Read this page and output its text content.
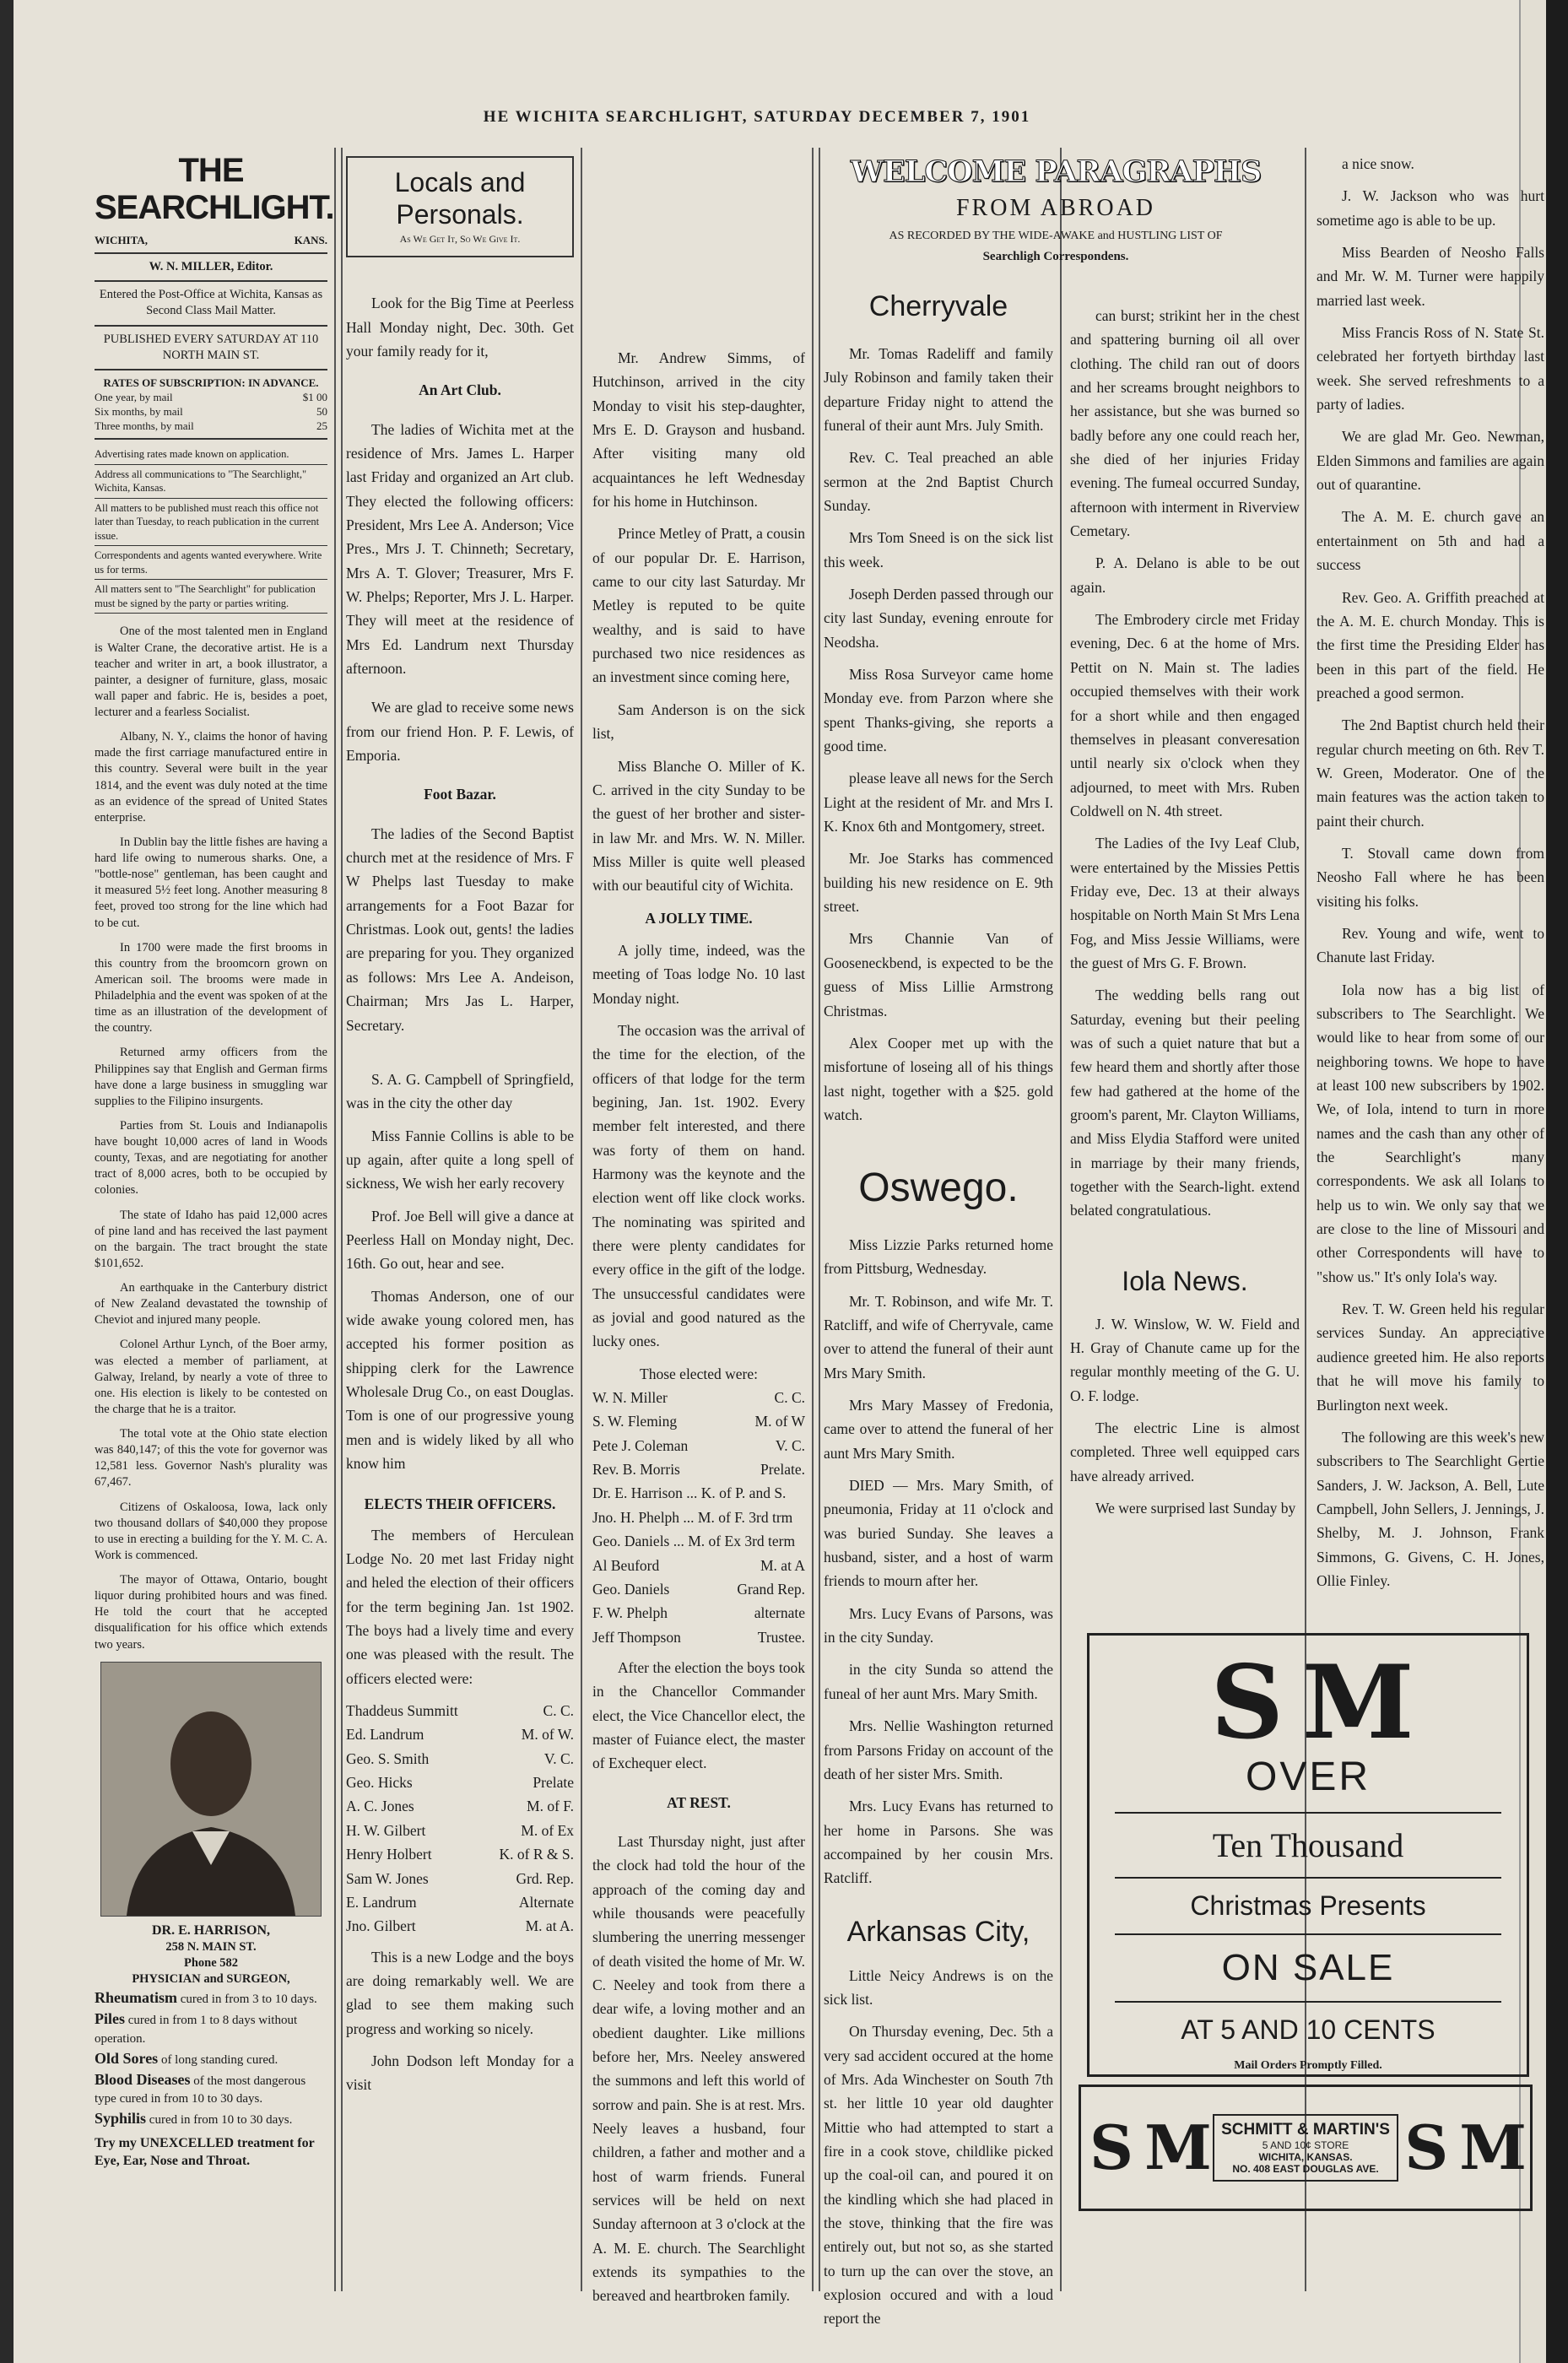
HE WICHITA SEARCHLIGHT, SATURDAY DECEMBER 7, 1901
THE SEARCHLIGHT.
WICHITA,	KANS.
W. N. MILLER, Editor.
Entered the Post-Office at Wichita, Kansas as Second Class Mail Matter.
PUBLISHED EVERY SATURDAY AT 110 NORTH MAIN ST.
RATES OF SUBSCRIPTION: IN ADVANCE.
One year, by mail	$1 00
Six months, by mail	50
Three months, by mail	25
Advertising rates made known on application.
Address all communications to "The Searchlight," Wichita, Kansas.
All matters to be published must reach this office not later than Tuesday, to reach publication in the current issue.
Correspondents and agents wanted everywhere. Write us for terms.
All matters sent to "The Searchlight" for publication must be signed by the party or parties writing.

One of the most talented men in England is Walter Crane, the decorative artist. He is a teacher and writer in art, a book illustrator, a painter, a designer of furniture, glass, mosaic wall paper and fabric. He is, besides a poet, lecturer and a fearless Socialist.

Albany, N. Y., claims the honor of having made the first carriage manufactured entire in this country. Several were built in the year 1814, and the event was duly noted at the time as an evidence of the spread of United States enterprise.

In Dublin bay the little fishes are having a hard life owing to numerous sharks. One, a "bottle-nose" gentleman, has been caught and it measured 5½ feet long. Another measuring 8 feet, proved too strong for the line which had to be cut.

In 1700 were made the first brooms in this country from the broomcorn grown on American soil. The brooms were made in Philadelphia and the event was spoken of at the time as an illustration of the development of the country.

Returned army officers from the Philippines say that English and German firms have done a large business in smuggling war supplies to the Filipino insurgents.

Parties from St. Louis and Indianapolis have bought 10,000 acres of land in Woods county, Texas, and are negotiating for another tract of 8,000 acres, both to be occupied by colonies.

The state of Idaho has paid 12,000 acres of pine land and has received the last payment on the bargain. The tract brought the state $101,652.

An earthquake in the Canterbury district of New Zealand devastated the township of Cheviot and injured many people.

Colonel Arthur Lynch, of the Boer army, was elected a member of parliament, at Galway, Ireland, by nearly a vote of three to one. His election is likely to be contested on the charge that he is a traitor.

The total vote at the Ohio state election was 840,147; of this the vote for governor was 12,581 less. Governor Nash's plurality was 67,467.

Citizens of Oskaloosa, Iowa, lack only two thousand dollars of $40,000 they propose to use in erecting a building for the Y. M. C. A. Work is commenced.

The mayor of Ottawa, Ontario, bought liquor during prohibited hours and was fined. He told the court that he accepted disqualification for his office which extends two years.

DR. E. HARRISON,
258 N. MAIN ST.
Phone 582
PHYSICIAN and SURGEON,
Rheumatism cured in from 3 to 10 days.
Piles cured in from 1 to 8 days without operation.
Old Sores of long standing cured.
Blood Diseases of the most dangerous type cured in from 10 to 30 days.
Syphilis cured in from 10 to 30 days.
Try my UNEXCELLED treatment for Eye, Ear, Nose and Throat.
Locals and Personals.
As We Get It, So We Give It.

Look for the Big Time at Peerless Hall Monday night, Dec. 30th. Get your family ready for it,

An Art Club.

The ladies of Wichita met at the residence of Mrs. James L. Harper last Friday and organized an Art club. They elected the following officers: President, Mrs Lee A. Anderson; Vice Pres., Mrs J. T. Chinneth; Secretary, Mrs A. T. Glover; Treasurer, Mrs F. W. Phelps; Reporter, Mrs J. L. Harper. They will meet at the residence of Mrs Ed. Landrum next Thursday afternoon.

We are glad to receive some news from our friend Hon. P. F. Lewis, of Emporia.

Foot Bazar.

The ladies of the Second Baptist church met at the residence of Mrs. F W Phelps last Tuesday to make arrangements for a Foot Bazar for Christmas. Look out, gents! the ladies are preparing for you. They organized as follows: Mrs Lee A. Andeison, Chairman; Mrs Jas L. Harper, Secretary.

S. A. G. Campbell of Springfield, was in the city the other day

Miss Fannie Collins is able to be up again, after quite a long spell of sickness, We wish her early recovery

Prof. Joe Bell will give a dance at Peerless Hall on Monday night, Dec. 16th. Go out, hear and see.

Thomas Anderson, one of our wide awake young colored men, has accepted his former position as shipping clerk for the Lawrence Wholesale Drug Co., on east Douglas. Tom is one of our progressive young men and is widely liked by all who know him

ELECTS THEIR OFFICERS.

The members of Herculean Lodge No. 20 met last Friday night and heled the election of their officers for the term begining Jan. 1st 1902. The boys had a lively time and every one was pleased with the result. The officers elected were:

Thaddeus Summitt	C. C.
Ed. Landrum	M. of W.
Geo. S. Smith	V. C.
Geo. Hicks	Prelate
A. C. Jones	M. of F.
H. W. Gilbert	M. of Ex
Henry Holbert	K. of R & S.
Sam W. Jones	Grd. Rep.
E. Landrum	Alternate
Jno. Gilbert	M. at A.

This is a new Lodge and the boys are doing remarkably well. We are glad to see them making such progress and working so nicely.

John Dodson left Monday for a visit

Mr. Andrew Simms, of Hutchinson, arrived in the city Monday to visit his step-daughter, Mrs E. D. Grayson and husband. After visiting many old acquaintances he left Wednesday for his home in Hutchinson.

Prince Metley of Pratt, a cousin of our popular Dr. E. Harrison, came to our city last Saturday. Mr Metley is reputed to be quite wealthy, and is said to have purchased two nice residences as an investment since coming here,

Sam Anderson is on the sick list,

Miss Blanche O. Miller of K. C. arrived in the city Sunday to be the guest of her brother and sister-in law Mr. and Mrs. W. N. Miller. Miss Miller is quite well pleased with our beautiful city of Wichita.

A JOLLY TIME.

A jolly time, indeed, was the meeting of Toas lodge No. 10 last Monday night.

The occasion was the arrival of the time for the election, of the officers of that lodge for the term begining, Jan. 1st. 1902. Every member felt interested, and there was forty of them on hand. Harmony was the keynote and the election went off like clock works. The nominating was spirited and there were plenty candidates for every office in the gift of the lodge. The unsuccessful candidates were as jovial and good natured as the lucky ones.

Those elected were:
W. N. Miller	C. C.
S. W. Fleming	M. of W
Pete J. Coleman	V. C.
Rev. B. Morris	Prelate.
Dr. E. Harrison ... K. of P. and S.
Jno. H. Phelph ... M. of F. 3rd trm
Geo. Daniels ... M. of Ex 3rd term
Al Beuford	M. at A
Geo. Daniels	Grand Rep.
F. W. Phelph	alternate
Jeff Thompson	Trustee.

After the election the boys took in the Chancellor Commander elect, the Vice Chancellor elect, the master of Fuiance elect, the master of Exchequer elect.

AT REST.

Last Thursday night, just after the clock had told the hour of the approach of the coming day and while thousands were peacefully slumbering the unerring messenger of death visited the home of Mr. W. C. Neeley and took from there a dear wife, a loving mother and an obedient daughter. Like millions before her, Mrs. Neeley answered the summons and left this world of sorrow and pain. She is at rest. Mrs. Neely leaves a husband, four children, a father and mother and a host of warm friends. Funeral services will be held on next Sunday afternoon at 3 o'clock at the A. M. E. church. The Searchlight extends its sympathies to the bereaved and heartbroken family.

WELCOME PARAGRAPHS
FROM ABROAD
AS RECORDED BY THE WIDE-AWAKE and HUSTLING LIST OF
Searchligh Correspondens.
Cherryvale

Mr. Tomas Radeliff and family July Robinson and family taken their departure Friday night to attend the funeral of their aunt Mrs. July Smith.

Rev. C. Teal preached an able sermon at the 2nd Baptist Church Sunday.

Mrs Tom Sneed is on the sick list this week.

Joseph Derden passed through our city last Sunday, evening enroute for Neodsha.

Miss Rosa Surveyor came home Monday eve. from Parzon where she spent Thanks-giving, she reports a good time.

please leave all news for the Serch Light at the resident of Mr. and Mrs I. K. Knox 6th and Montgomery, street.

Mr. Joe Starks has commenced building his new residence on E. 9th street.

Mrs Channie Van of Gooseneckbend, is expected to be the guess of Miss Lillie Armstrong Christmas.

Alex Cooper met up with the misfortune of loseing all of his things last night, together with a $25. gold watch.

Oswego.

Miss Lizzie Parks returned home from Pittsburg, Wednesday.

Mr. T. Robinson, and wife Mr. T. Ratcliff, and wife of Cherryvale, came over to attend the funeral of their aunt Mrs Mary Smith.

Mrs Mary Massey of Fredonia, came over to attend the funeral of her aunt Mrs Mary Smith.

DIED — Mrs. Mary Smith, of pneumonia, Friday at 11 o'clock and was buried Sunday. She leaves a husband, sister, and a host of warm friends to mourn after her.

Mrs. Lucy Evans of Parsons, was in the city Sunday.

in the city Sunda so attend the funeal of her aunt Mrs. Mary Smith.

Mrs. Nellie Washington returned from Parsons Friday on account of the death of her sister Mrs. Smith.

Mrs. Lucy Evans has returned to her home in Parsons. She was accompained by her cousin Mrs. Ratcliff.

Arkansas City,

Little Neicy Andrews is on the sick list.

On Thursday evening, Dec. 5th a very sad accident occured at the home of Mrs. Ada Winchester on South 7th st. her little 10 year old daughter Mittie who had attempted to start a fire in a cook stove, childlike picked up the coal-oil can, and poured it on the kindling which she had placed in the stove, thinking that the fire was entirely out, but not so, as she started to turn up the can over the stove, an explosion occured and with a loud report the

can burst; strikint her in the chest and spattering burning oil all over clothing. The child ran out of doors and her screams brought neighbors to her assistance, but she was burned so badly before any one could reach her, she died of her injuries Friday evening. The fumeal occurred Sunday, afternoon with interment in Riverview Cemetary.

P. A. Delano is able to be out again.

The Embrodery circle met Friday evening, Dec. 6 at the home of Mrs. Pettit on N. Main st. The ladies occupied themselves with their work for a short while and then engaged themselves in pleasant converesation until nearly six o'clock when they adjourned, to meet with Mrs. Ruben Coldwell on N. 4th street.

The Ladies of the Ivy Leaf Club, were entertained by the Missies Pettis Friday eve, Dec. 13 at their always hospitable on North Main St Mrs Lena Fog, and Miss Jessie Williams, were the guest of Mrs G. F. Brown.

The wedding bells rang out Saturday, evening but their peeling was of such a quiet nature that but a few heard them and shortly after those few had gathered at the home of the groom's parent, Mr. Clayton Williams, and Miss Elydia Stafford were united in marriage by their many friends, together with the Search-light. extend belated congratulatious.

Iola News.

J. W. Winslow, W. W. Field and H. Gray of Chanute came up for the regular monthly meeting of the G. U. O. F. lodge.

The electric Line is almost completed. Three well equipped cars have already arrived.

We were surprised last Sunday by

a nice snow.

J. W. Jackson who was hurt sometime ago is able to be up.

Miss Bearden of Neosho Falls and Mr. W. M. Turner were happily married last week.

Miss Francis Ross of N. State St. celebrated her fortyeth birthday last week. She served refreshments to a party of ladies.

We are glad Mr. Geo. Newman, Elden Simmons and families are again out of quarantine.

The A. M. E. church gave an entertainment on 5th and had a success

Rev. Geo. A. Griffith preached at the A. M. E. church Monday. This is the first time the Presiding Elder has been in this part of the field. He preached a good sermon.

The 2nd Baptist church held their regular church meeting on 6th. Rev T. W. Green, Moderator. One of the main features was the action taken to paint their church.

T. Stovall came down from Neosho Fall where he has been visiting his folks.

Rev. Young and wife, went to Chanute last Friday.

Iola now has a big list of subscribers to The Searchlight. We would like to hear from some of our neighboring towns. We hope to have at least 100 new subscribers by 1902. We, of Iola, intend to turn in more names and the cash than any other of the Searchlight's many correspondents. We ask all Iolans to help us to win. We only say that we are close to the line of Missouri and other Correspondents will have to "show us." It's only Iola's way.

Rev. T. W. Green held his regular services Sunday. An appreciative audience greeted him. He also reports that he will move his family to Burlington next week.

The following are this week's new subscribers to The Searchlight Gertie Sanders, J. W. Jackson, A. Bell, Lute Campbell, John Sellers, J. Jennings, J. Shelby, M. J. Johnson, Frank Simmons, G. Givens, C. H. Jones, Ollie Finley.

S M
OVER
Ten Thousand
Christmas Presents
ON SALE
AT 5 AND 10 CENTS
Mail Orders Promptly Filled.
S M SCHMITT & MARTIN'S
5 AND 10¢ STORE
WICHITA, KANSAS.
NO. 408 EAST DOUGLAS AVE. S M
